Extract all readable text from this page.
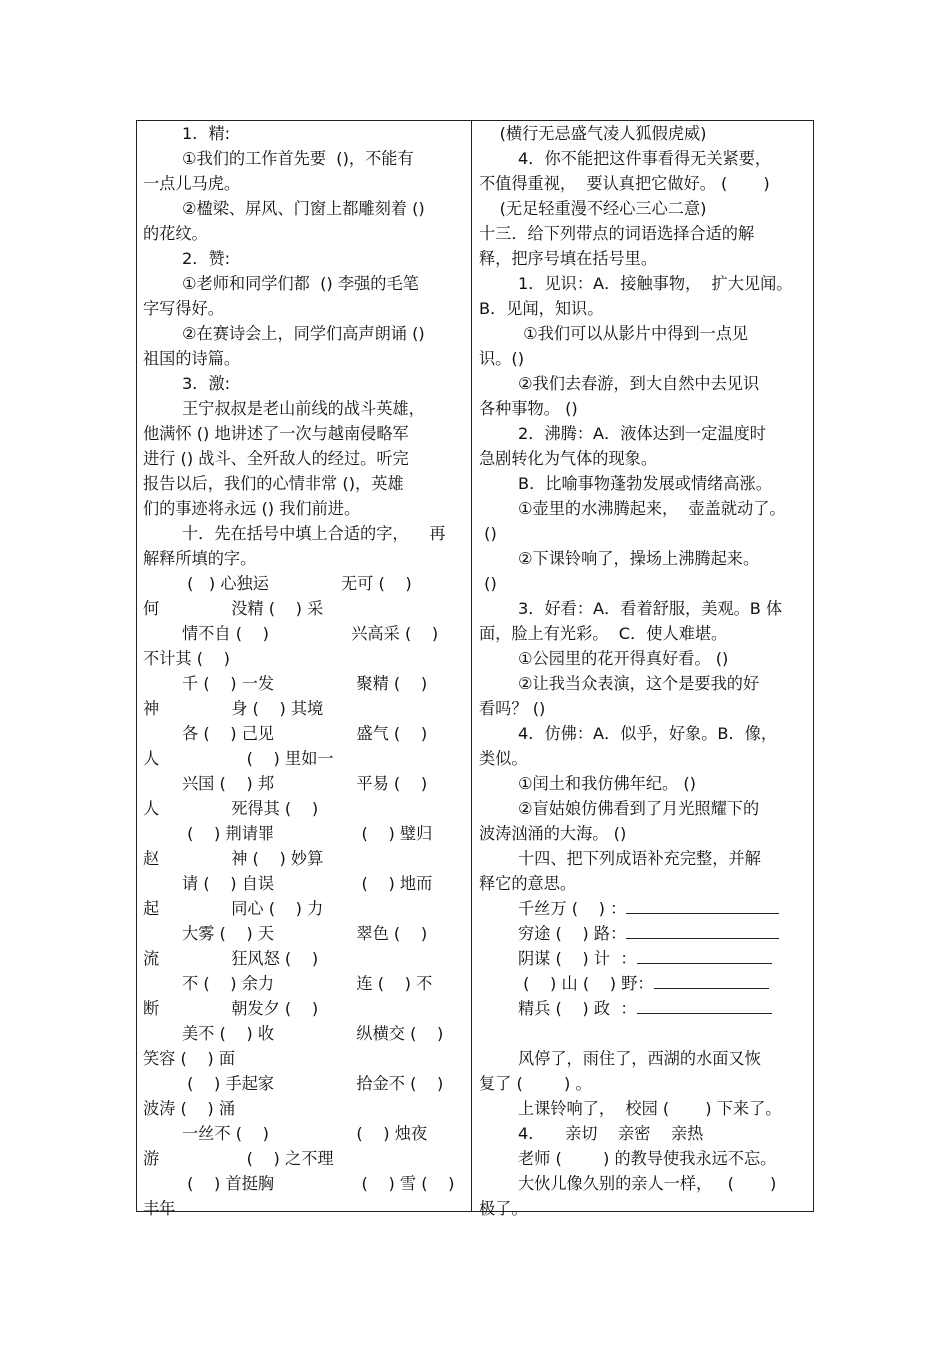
1．精:
①我们的工作首先要  ()，不能有
一点儿马虎。
②楹梁、屏风、门窗上都雕刻着 ()
的花纹。
2．赞:
①老师和同学们都  () 李强的毛笔
字写得好。
②在赛诗会上，同学们高声朗诵 ()
祖国的诗篇。
3．激:
王宁叔叔是老山前线的战斗英雄，
他满怀 () 地讲述了一次与越南侵略军
进行 () 战斗、全歼敌人的经过。听完
报告以后，我们的心情非常 ()，英雄
们的事迹将永远 () 我们前进。
十．先在括号中填上合适的字，    再
解释所填的字。
(   ) 心独运              无可 (    )
何              没精 (    ) 采
情不自 (    )                兴高采 (    )
不计其 (    )
千 (    ) 一发                聚精 (    )
神              身 (    ) 其境
各 (    ) 己见                盛气 (    )
人                 (    ) 里如一
兴国 (    ) 邦                平易 (    )
人              死得其 (    )
(    ) 荆请罪                 (    ) 璧归
赵              神 (    ) 妙算
请 (    ) 自误                 (    ) 地而
起              同心 (    ) 力
大雾 (    ) 天                翠色 (    )
流              狂风怒 (    )
不 (    ) 余力                连 (    ) 不
断              朝发夕 (    )
美不 (    ) 收                纵横交 (    )
笑容 (    ) 面
(    ) 手起家                拾金不 (    )
波涛 (    ) 涌
一丝不 (    )                 (    ) 烛夜
游                 (    ) 之不理
(    ) 首挺胸                 (    ) 雪 (    )
丰年
(横行无忌盛气凌人狐假虎威)
4．你不能把这件事看得无关紧要，
不值得重视，  要认真把它做好。 (       )
(无足轻重漫不经心三心二意)
十三．给下列带点的词语选择合适的解
释，把序号填在括号里。
1．见识：A．接触事物，  扩大见闻。
B．见闻，知识。
①我们可以从影片中得到一点见
识。()
②我们去春游，到大自然中去见识
各种事物。 ()
2．沸腾：A．液体达到一定温度时
急剧转化为气体的现象。
B．比喻事物蓬勃发展或情绪高涨。
①壶里的水沸腾起来，  壶盖就动了。
()
②下课铃响了，操场上沸腾起来。
()
3．好看：A．看着舒服，美观。B 体
面，脸上有光彩。  C．使人难堪。
①公园里的花开得真好看。 ()
②让我当众表演，这个是要我的好
看吗？ ()
4．仿佛：A．似乎，好象。B．像，
类似。
①闰土和我仿佛年纪。 ()
②盲姑娘仿佛看到了月光照耀下的
波涛汹涌的大海。 ()
十四、把下列成语补充完整，并解
释它的意思。
千丝万 (    ) ：
穷途 (    ) 路：
阴谋 (    ) 计  ：
(    ) 山 (    ) 野：
精兵 (    ) 政  ：
风停了，雨住了，西湖的水面又恢
复了 (        ) 。
上课铃响了，  校园 (       ) 下来了。
4．    亲切    亲密    亲热
老师 (        ) 的教导使我永远不忘。
大伙儿像久别的亲人一样，   (       )
极了。
